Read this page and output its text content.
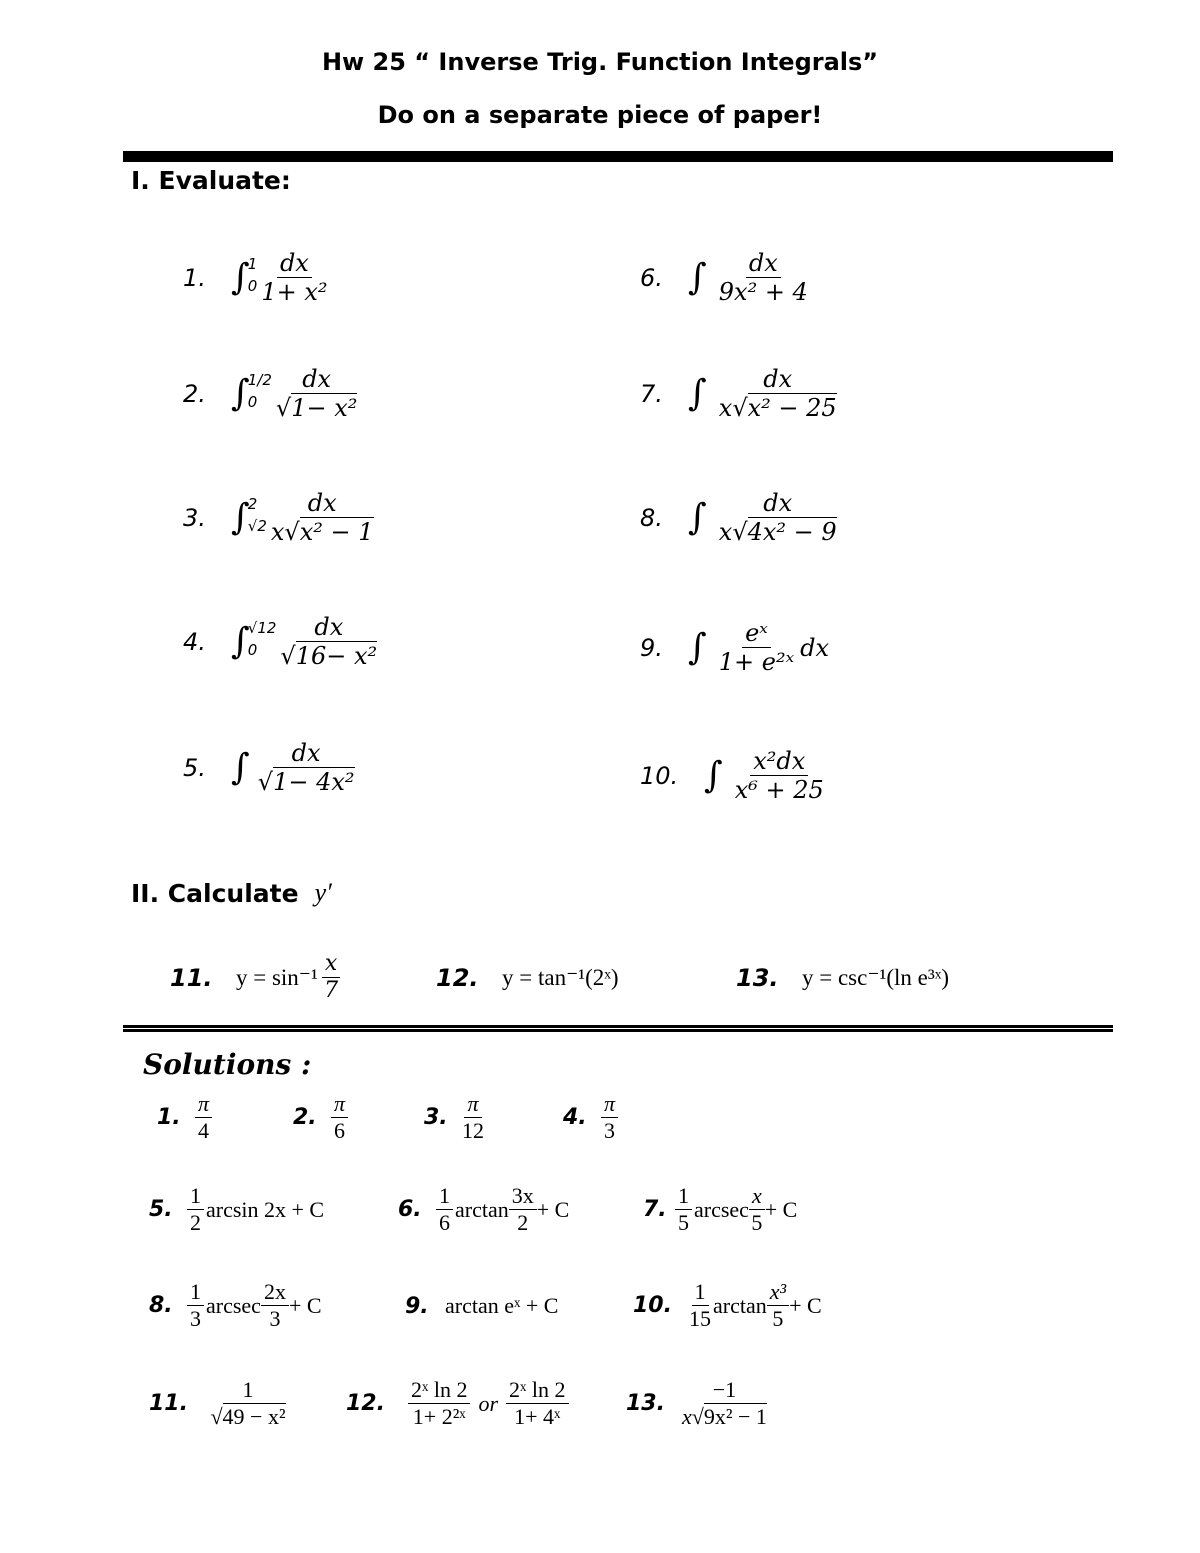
Hw 25 “ Inverse Trig. Function Integrals”
Do on a separate piece of paper!
I. Evaluate:
1. ∫
1
$0 \frac{dx}{\text{1+ x²}}$
2. ∫
1/2
$0 \frac{dx}{\text{√1− x²}}$
3. ∫
2
$√2 \frac{dx}{\text{x√x² − 1}}$
4. ∫
√12
$0 \frac{dx}{\text{√16− x²}}$
5. ∫ $\frac{dx}{\text{√1− 4x²}}$
6. ∫ $\frac{dx}{\text{9x² + 4}}$
7. ∫ $\frac{dx}{\text{x√x² − 25}}$
8. ∫ $\frac{dx}{\text{x√4x² − 9}}$
9. ∫ $\frac{\text{eˣ}}{\text{1+ e²ˣ}}$ dx
10. ∫ $\frac{\text{x²dx}}{\text{x⁶ + 25}}$
II. Calculate y′
11.	$y = \sin^{-1} \frac{x}{7}$	12.	y = tan⁻¹(2ˣ)	13.	y = csc⁻¹(ln e³ˣ)
Solutions :
1. $\frac{\pi}{4}$	2. $\frac{\pi}{6}$	3. $\frac{\pi}{12}$	4. $\frac{\pi}{3}$
5. $\frac{1}{2}$ arcsin 2x + C	6. $\frac{1}{6}$ $\arctan \frac{3x}{2} + C$	7. $\frac{1}{5}$ arcsec $\frac{x}{5} + C$
8. $\frac{1}{3}$ arcsec $\frac{2x}{3} + C$	9. arctan eˣ + C	10. $\frac{1}{15}$ $\arctan \frac{\text{x³}}{5} + C$
11. $\frac{1}{\text{√49 − x²}}$	12.	$\frac{\text{2ˣ ln 2}}{\text{1+ 2²ˣ}}$ or $\frac{\text{2ˣ ln 2}}{\text{1+ 4ˣ}}$	13. $\frac{-1}{\text{x√9x² − 1}}$
